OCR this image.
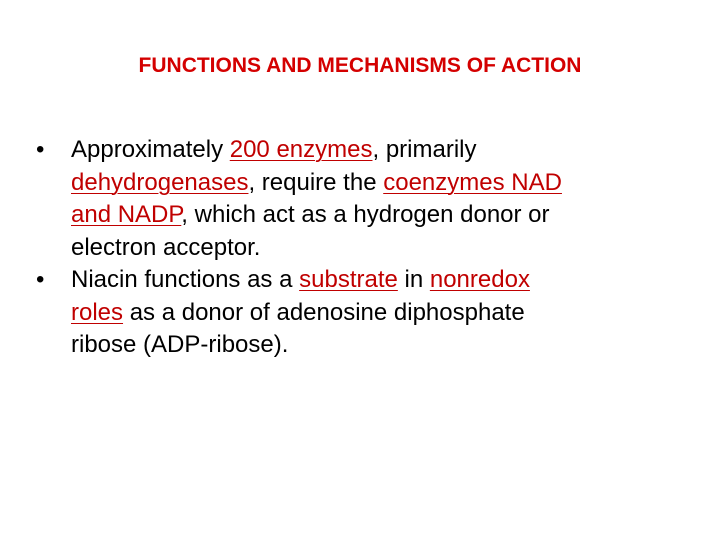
FUNCTIONS AND MECHANISMS OF ACTION
•	Approximately 200 enzymes, primarily
dehydrogenases, require the coenzymes NAD
and NADP, which act as a hydrogen donor or
electron acceptor.
•	Niacin functions as a substrate in nonredox
roles as a donor of adenosine diphosphate
ribose (ADP-ribose).
